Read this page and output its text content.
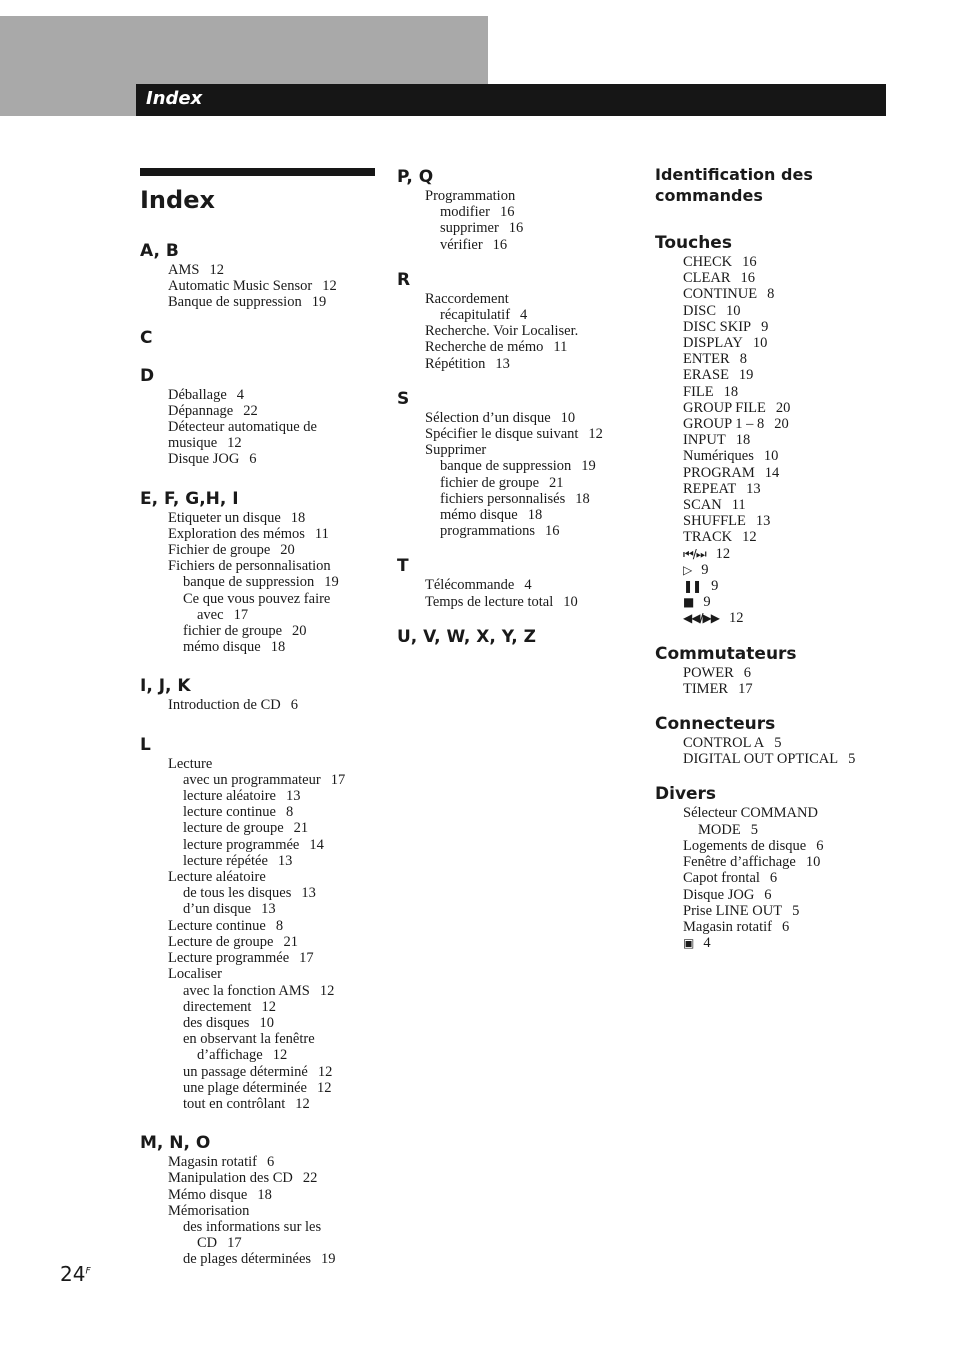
Index
Index
A, B
AMS 12
Automatic Music Sensor 12
Banque de suppression 19
C
D
Déballage 4
Dépannage 22
Détecteur automatique de
musique 12
Disque JOG 6
E, F, G,H, I
Etiqueter un disque 18
Exploration des mémos 11
Fichier de groupe 20
Fichiers de personnalisation
banque de suppression 19
Ce que vous pouvez faire
avec 17
fichier de groupe 20
mémo disque 18
I, J, K
Introduction de CD 6
L
Lecture
avec un programmateur 17
lecture aléatoire 13
lecture continue 8
lecture de groupe 21
lecture programmée 14
lecture répétée 13
Lecture aléatoire
de tous les disques 13
d’un disque 13
Lecture continue 8
Lecture de groupe 21
Lecture programmée 17
Localiser
avec la fonction AMS 12
directement 12
des disques 10
en observant la fenêtre
d’affichage 12
un passage déterminé 12
une plage déterminée 12
tout en contrôlant 12
M, N, O
Magasin rotatif 6
Manipulation des CD 22
Mémo disque 18
Mémorisation
des informations sur les
CD 17
de plages déterminées 19
P, Q
Programmation
modifier 16
supprimer 16
vérifier 16
R
Raccordement
récapitulatif 4
Recherche. Voir Localiser.
Recherche de mémo 11
Répétition 13
S
Sélection d’un disque 10
Spécifier le disque suivant 12
Supprimer
banque de suppression 19
fichier de groupe 21
fichiers personnalisés 18
mémo disque 18
programmations 16
T
Télécommande 4
Temps de lecture total 10
U, V, W, X, Y, Z
Identification des commandes
Touches
CHECK 16
CLEAR 16
CONTINUE 8
DISC 10
DISC SKIP 9
DISPLAY 10
ENTER 8
ERASE 19
FILE 18
GROUP FILE 20
GROUP 1 – 8 20
INPUT 18
Numériques 10
PROGRAM 14
REPEAT 13
SCAN 11
SHUFFLE 13
TRACK 12
⏮/⏭ 12
▷ 9
❚❚ 9
■ 9
◀◀/▶▶ 12
Commutateurs
POWER 6
TIMER 17
Connecteurs
CONTROL A 5
DIGITAL OUT OPTICAL 5
Divers
Sélecteur COMMAND
MODE 5
Logements de disque 6
Fenêtre d’affichage 10
Capot frontal 6
Disque JOG 6
Prise LINE OUT 5
Magasin rotatif 6
▣ 4
$24^F$
